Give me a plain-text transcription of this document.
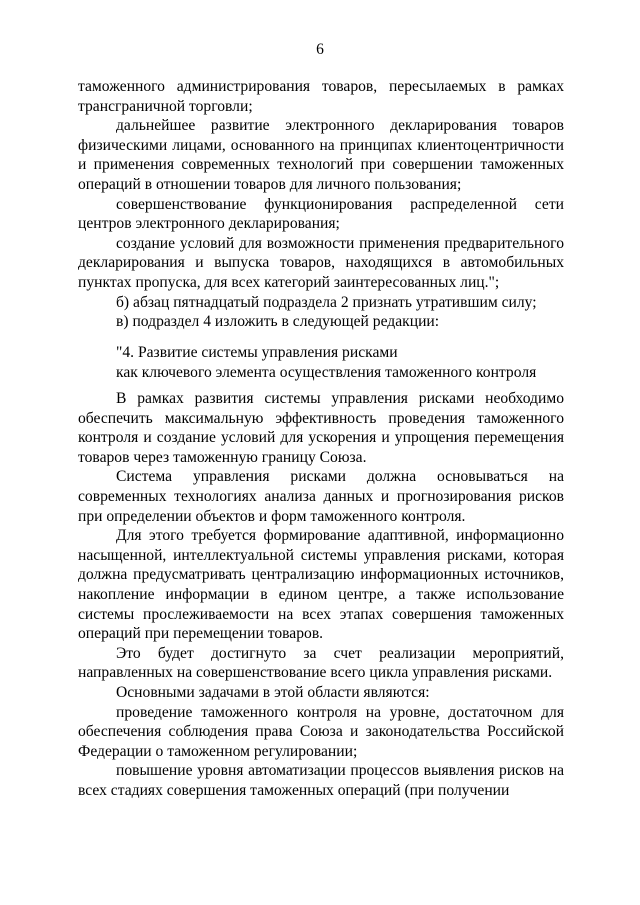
6

таможенного администрирования товаров, пересылаемых в рамках трансграничной торговли;

дальнейшее развитие электронного декларирования товаров физическими лицами, основанного на принципах клиентоцентричности и применения современных технологий при совершении таможенных операций в отношении товаров для личного пользования;

совершенствование функционирования распределенной сети центров электронного декларирования;

создание условий для возможности применения предварительного декларирования и выпуска товаров, находящихся в автомобильных пунктах пропуска, для всех категорий заинтересованных лиц.";

б) абзац пятнадцатый подраздела 2 признать утратившим силу;

в) подраздел 4 изложить в следующей редакции:

"4. Развитие системы управления рисками
как ключевого элемента осуществления таможенного контроля

В рамках развития системы управления рисками необходимо обеспечить максимальную эффективность проведения таможенного контроля и создание условий для ускорения и упрощения перемещения товаров через таможенную границу Союза.

Система управления рисками должна основываться на современных технологиях анализа данных и прогнозирования рисков при определении объектов и форм таможенного контроля.

Для этого требуется формирование адаптивной, информационно насыщенной, интеллектуальной системы управления рисками, которая должна предусматривать централизацию информационных источников, накопление информации в едином центре, а также использование системы прослеживаемости на всех этапах совершения таможенных операций при перемещении товаров.

Это будет достигнуто за счет реализации мероприятий, направленных на совершенствование всего цикла управления рисками.

Основными задачами в этой области являются:

проведение таможенного контроля на уровне, достаточном для обеспечения соблюдения права Союза и законодательства Российской Федерации о таможенном регулировании;

повышение уровня автоматизации процессов выявления рисков на всех стадиях совершения таможенных операций (при получении
